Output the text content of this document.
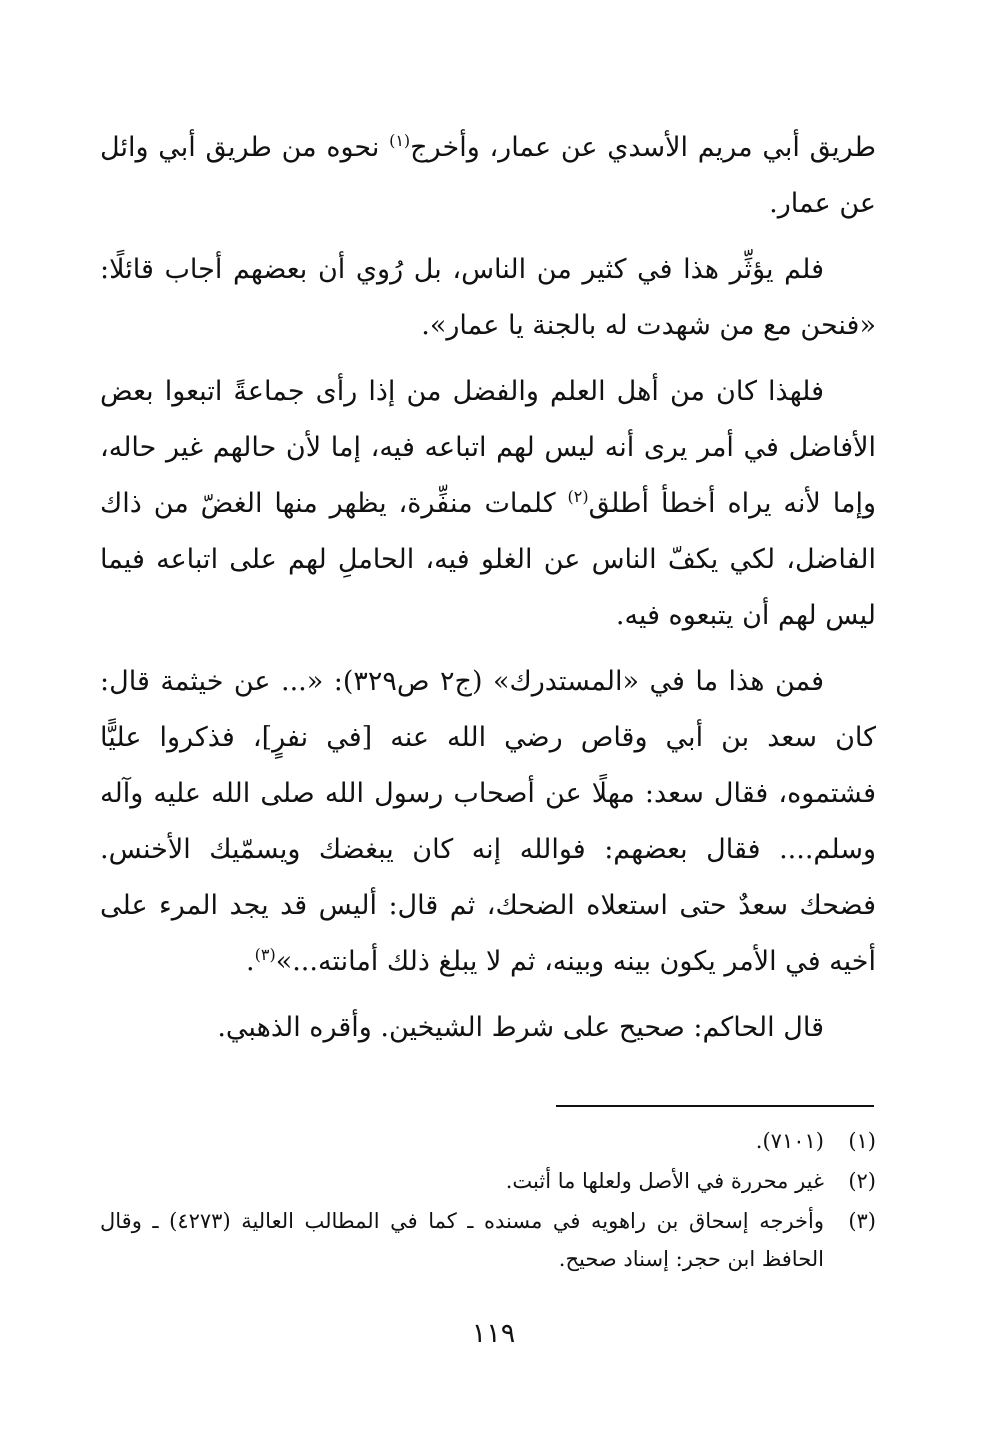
طريق أبي مريم الأسدي عن عمار، وأخرج$^{(١)}$ نحوه من طريق أبي وائل عن عمار.

فلم يؤثِّر هذا في كثير من الناس، بل رُوي أن بعضهم أجاب قائلًا: «فنحن مع من شهدت له بالجنة يا عمار».

فلهذا كان من أهل العلم والفضل من إذا رأى جماعةً اتبعوا بعض الأفاضل في أمر يرى أنه ليس لهم اتباعه فيه، إما لأن حالهم غير حاله، وإما لأنه يراه أخطأ أطلق$^{(٢)}$ كلمات منفِّرة، يظهر منها الغضّ من ذاك الفاضل، لكي يكفّ الناس عن الغلو فيه، الحاملِ لهم على اتباعه فيما ليس لهم أن يتبعوه فيه.

فمن هذا ما في «المستدرك» (ج٢ ص٣٢٩): «... عن خيثمة قال: كان سعد بن أبي وقاص رضي الله عنه [في نفرٍ]، فذكروا عليًّا فشتموه، فقال سعد: مهلًا عن أصحاب رسول الله صلى الله عليه وآله وسلم.... فقال بعضهم: فوالله إنه كان يبغضك ويسمّيك الأخنس. فضحك سعدٌ حتى استعلاه الضحك، ثم قال: أليس قد يجد المرء على أخيه في الأمر يكون بينه وبينه، ثم لا يبلغ ذلك أمانته...»$^{(٣)}$.

قال الحاكم: صحيح على شرط الشيخين. وأقره الذهبي.

(١)
(٧١٠١).
(٢)
غير محررة في الأصل ولعلها ما أثبت.
(٣)
وأخرجه إسحاق بن راهويه في مسنده ـ كما في المطالب العالية (٤٢٧٣) ـ وقال الحافظ ابن حجر: إسناد صحيح.
١١٩
